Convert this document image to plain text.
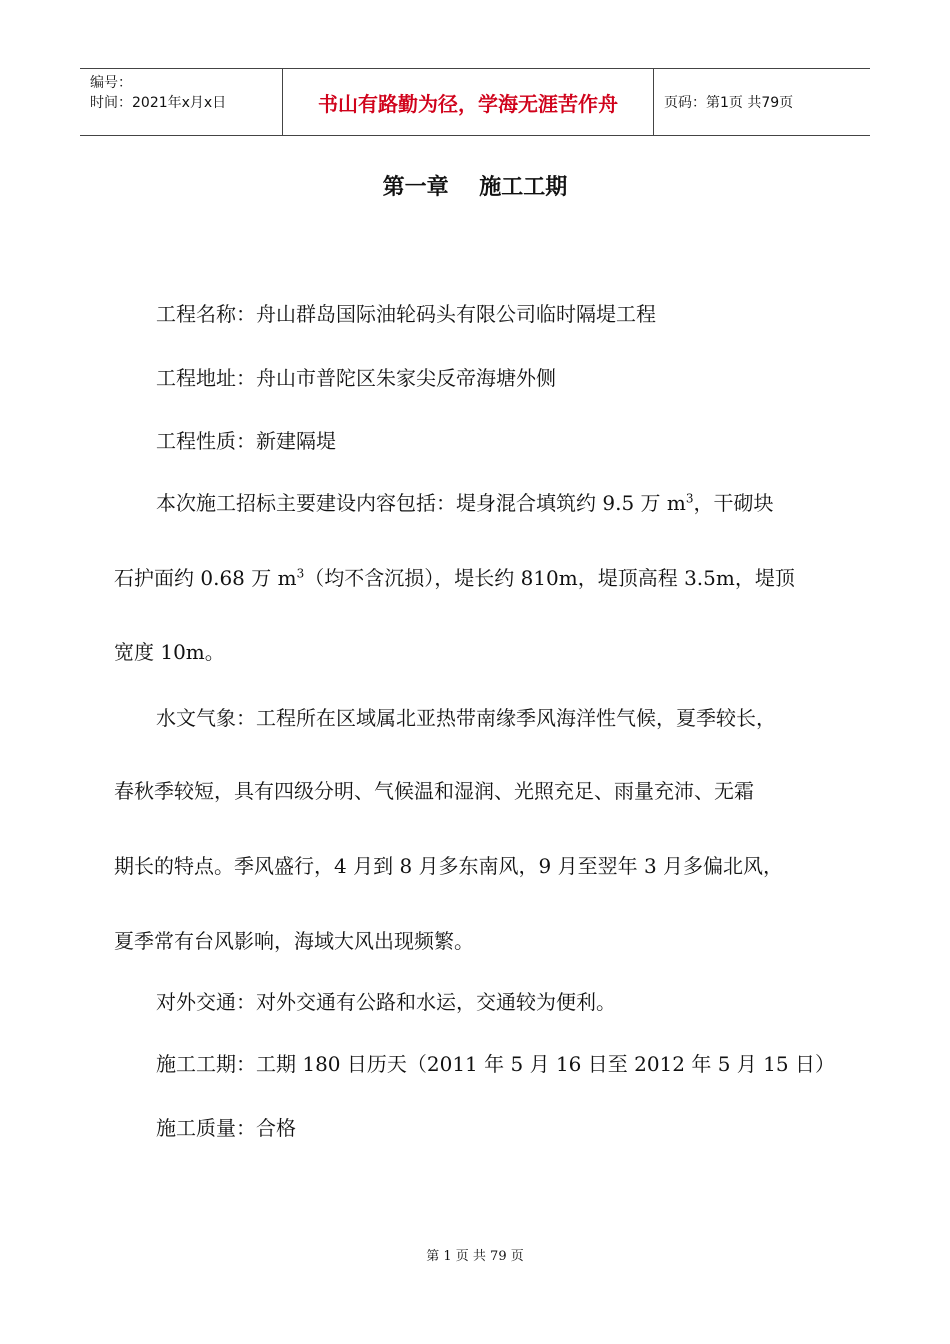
编号：
时间：2021年x月x日	书山有路勤为径，学海无涯苦作舟	页码：第1页 共79页
第一章    施工工期
工程名称：舟山群岛国际油轮码头有限公司临时隔堤工程
工程地址：舟山市普陀区朱家尖反帝海塘外侧
工程性质：新建隔堤
本次施工招标主要建设内容包括：堤身混合填筑约 9.5 万 $m^3$，干砌块
石护面约 0.68 万 $m^3$（均不含沉损），堤长约 810m，堤顶高程 3.5m，堤顶
宽度 10m。
水文气象：工程所在区域属北亚热带南缘季风海洋性气候，夏季较长，
春秋季较短，具有四级分明、气候温和湿润、光照充足、雨量充沛、无霜
期长的特点。季风盛行，4 月到 8 月多东南风，9 月至翌年 3 月多偏北风，
夏季常有台风影响，海域大风出现频繁。
对外交通：对外交通有公路和水运，交通较为便利。
施工工期：工期 180 日历天（2011 年 5 月 16 日至 2012 年 5 月 15 日）
施工质量：合格
第 1 页 共 79 页
